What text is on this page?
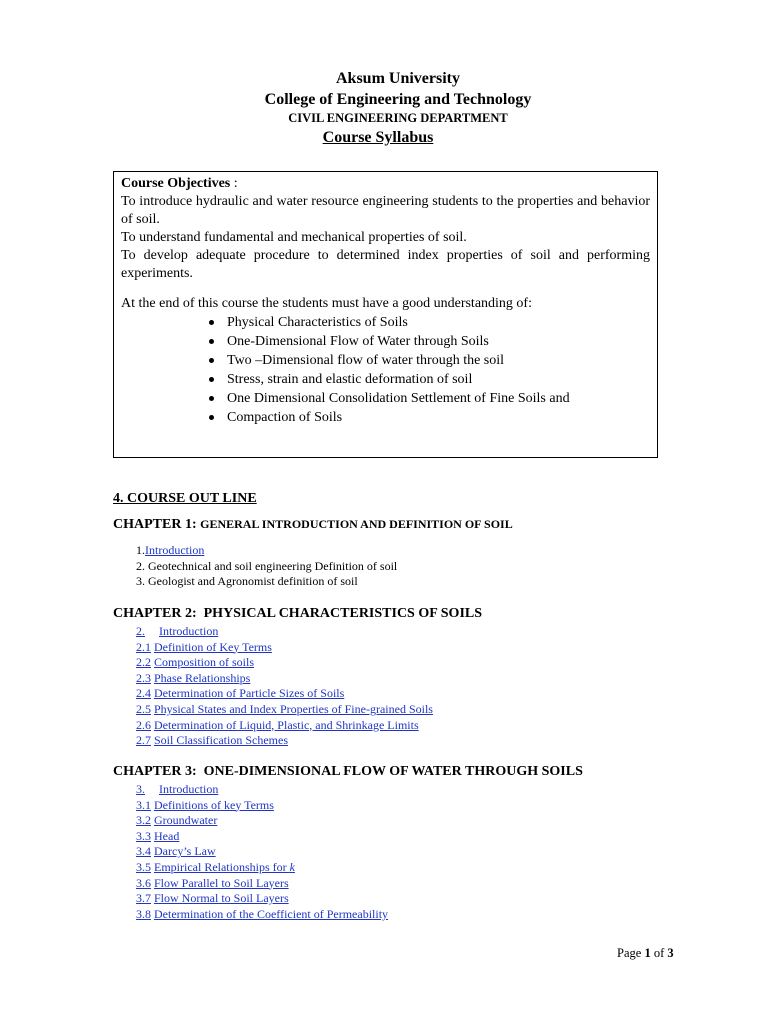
Aksum University
College of Engineering and Technology
CIVIL ENGINEERING DEPARTMENT
Course Syllabus

Course Objectives :

To introduce hydraulic and water resource engineering students to the properties and behavior of soil.

To understand fundamental and mechanical properties of soil.

To develop adequate procedure to determined index properties of soil and performing experiments.

At the end of this course the students must have a good understanding of:

Physical Characteristics of Soils
One-Dimensional Flow of Water through Soils
Two –Dimensional flow of water through the soil
Stress, strain and elastic deformation of soil
One Dimensional Consolidation Settlement of Fine Soils and
Compaction of Soils
4. COURSE OUT LINE
CHAPTER 1: GENERAL INTRODUCTION AND DEFINITION OF SOIL
1.Introduction
2. Geotechnical and soil engineering Definition of soil
3. Geologist and Agronomist definition of soil
CHAPTER 2: PHYSICAL CHARACTERISTICS OF SOILS
2. Introduction
2.1 Definition of Key Terms
2.2 Composition of soils
2.3 Phase Relationships
2.4 Determination of Particle Sizes of Soils
2.5 Physical States and Index Properties of Fine-grained Soils
2.6 Determination of Liquid, Plastic, and Shrinkage Limits
2.7 Soil Classification Schemes
CHAPTER 3: ONE-DIMENSIONAL FLOW OF WATER THROUGH SOILS
3. Introduction
3.1 Definitions of key Terms
3.2 Groundwater
3.3 Head
3.4 Darcy’s Law
3.5 Empirical Relationships for k
3.6 Flow Parallel to Soil Layers
3.7 Flow Normal to Soil Layers
3.8 Determination of the Coefficient of Permeability
Page 1 of 3
